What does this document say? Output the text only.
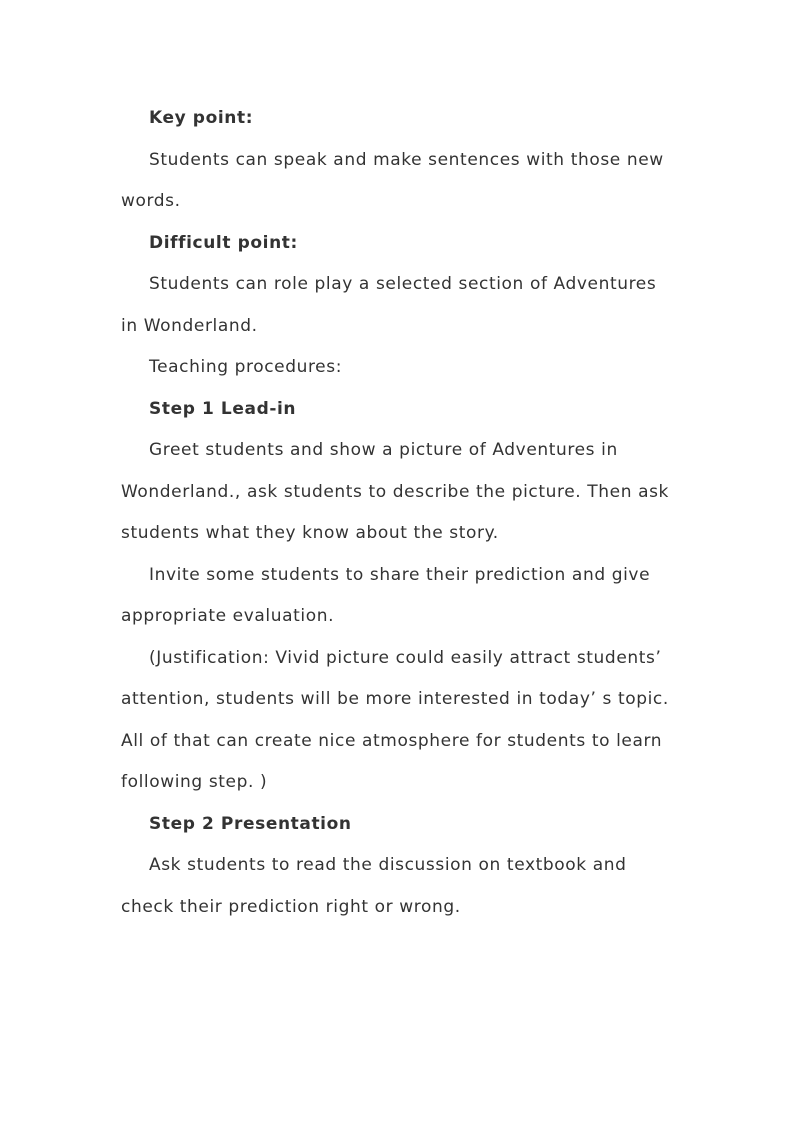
Key point:

Students can speak and make sentences with those new words.

Difficult point:

Students can role play a selected section of Adventures in Wonderland.

Teaching procedures:

Step 1 Lead-in

Greet students and show a picture of Adventures in Wonderland., ask students to describe the picture. Then ask students what they know about the story.

Invite some students to share their prediction and give appropriate evaluation.

(Justification: Vivid picture could easily attract students’ attention, students will be more interested in today’ s topic. All of that can create nice atmosphere for students to learn following step. )

Step 2 Presentation

Ask students to read the discussion on textbook and check their prediction right or wrong.
